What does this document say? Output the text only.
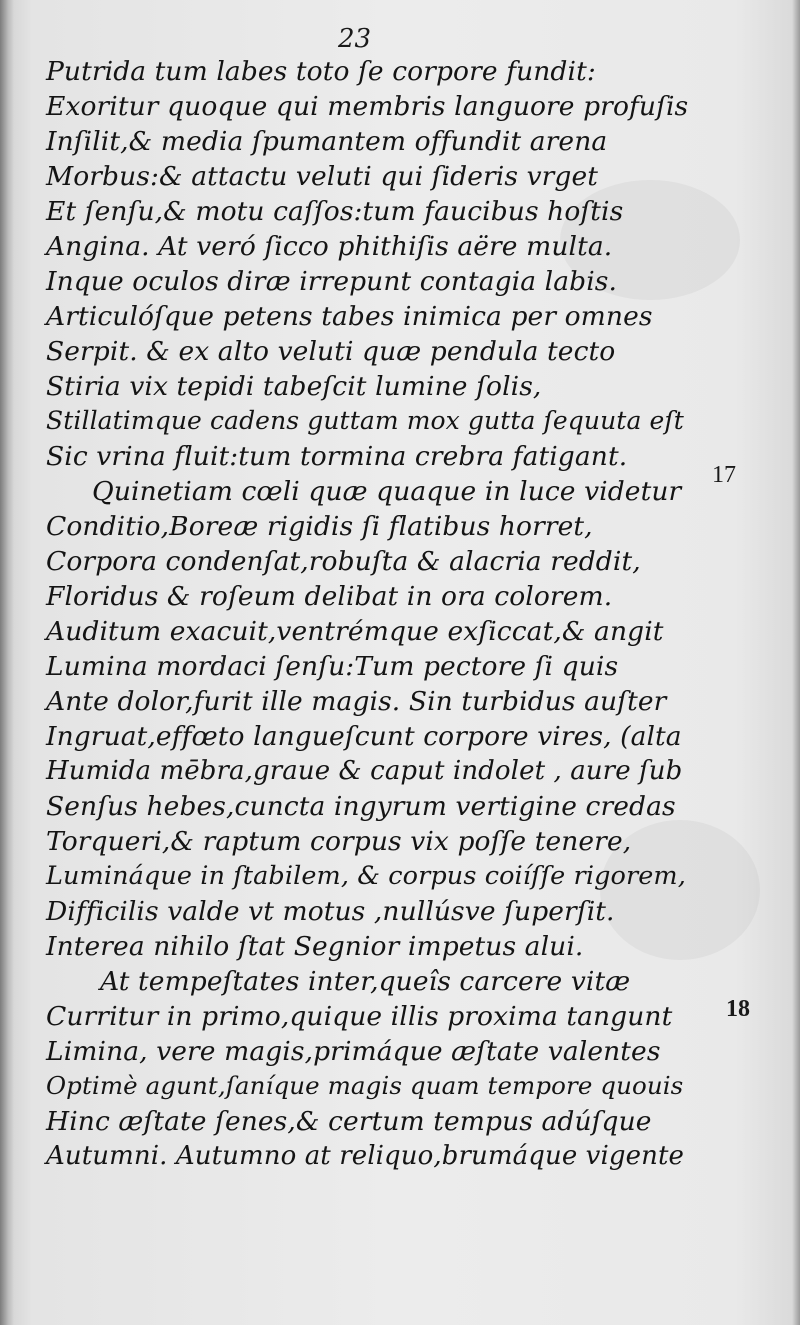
23
Putrida tum labes toto ſe corpore fundit:
Exoritur quoque qui membris languore profuſis
Inſilit,& media ſpumantem offundit arena
Morbus:& attactu veluti qui ſideris vrget
Et ſenſu,& motu caſſos:tum faucibus hoſtis
Angina. At veró ſicco phithiſis aëre multa.
Inque oculos diræ irrepunt contagia labis.
Articulóſque petens tabes inimica per omnes
Serpit. & ex alto veluti quæ pendula tecto
Stiria vix tepidi tabeſcit lumine ſolis,
Stillatimque cadens guttam mox gutta ſequuta eſt
Sic vrina fluit:tum tormina crebra fatigant.
Quinetiam cœli quæ quaque in luce videtur
Conditio,Boreæ rigidis ſi flatibus horret,
Corpora condenſat,robuſta & alacria reddit,
Floridus & roſeum delibat in ora colorem.
Auditum exacuit,ventrémque exſiccat,& angit
Lumina mordaci ſenſu:Tum pectore ſi quis
Ante dolor,furit ille magis. Sin turbidus auſter
Ingruat,effœto langueſcunt corpore vires, (alta
Humida mēbra,graue & caput indolet , aure ſub
Senſus hebes,cuncta ingyrum vertigine credas
Torqueri,& raptum corpus vix poſſe tenere,
Lumináque in ſtabilem, & corpus coiíſſe rigorem,
Difficilis valde vt motus ,nullúsve ſuperſit.
Interea nihilo ſtat Segnior impetus alui.
At tempeſtates inter,queîs carcere vitæ
Curritur in primo,quique illis proxima tangunt
Limina, vere magis,primáque æſtate valentes
Optimè agunt,ſaníque magis quam tempore quouis
Hinc æſtate ſenes,& certum tempus adúſque
Autumni. Autumno at reliquo,brumáque vigente
17
18
